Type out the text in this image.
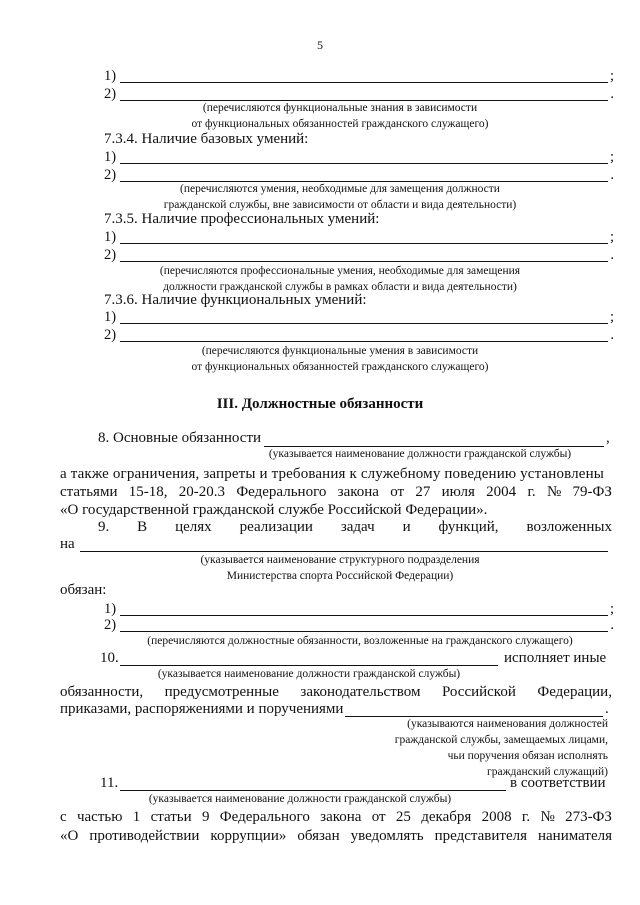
5
1)	;
2)	.
(перечисляются функциональные знания в зависимости
от функциональных обязанностей гражданского служащего)
7.3.4. Наличие базовых умений:
1)	;
2)	.
(перечисляются умения, необходимые для замещения должности
гражданской службы, вне зависимости от области и вида деятельности)
7.3.5. Наличие профессиональных умений:
1)	;
2)	.
(перечисляются профессиональные умения, необходимые для замещения
должности гражданской службы в рамках области и вида деятельности)
7.3.6. Наличие функциональных умений:
1)	;
2)	.
(перечисляются функциональные умения в зависимости
от функциональных обязанностей гражданского служащего)
III. Должностные обязанности
8. Основные обязанности	,
(указывается наименование должности гражданской службы)
а также ограничения, запреты и требования к служебному поведению установлены
статьями 15-18, 20-20.3 Федерального закона от 27 июля 2004 г. № 79-ФЗ
«О государственной гражданской службе Российской Федерации».
9. В целях реализации задач и функций, возложенных
на
(указывается наименование структурного подразделения
Министерства спорта Российской Федерации)
обязан:
1)	;
2)	.
(перечисляются должностные обязанности, возложенные на гражданского служащего)
10.	исполняет иные
(указывается наименование должности гражданской службы)
обязанности, предусмотренные законодательством Российской Федерации,
приказами, распоряжениями и поручениями	.
(указываются наименования должностей
гражданской службы, замещаемых лицами,
чьи поручения обязан исполнять
гражданский служащий)
11.	в соответствии
(указывается наименование должности гражданской службы)
с частью 1 статьи 9 Федерального закона от 25 декабря 2008 г. № 273-ФЗ
«О противодействии коррупции» обязан уведомлять представителя нанимателя
